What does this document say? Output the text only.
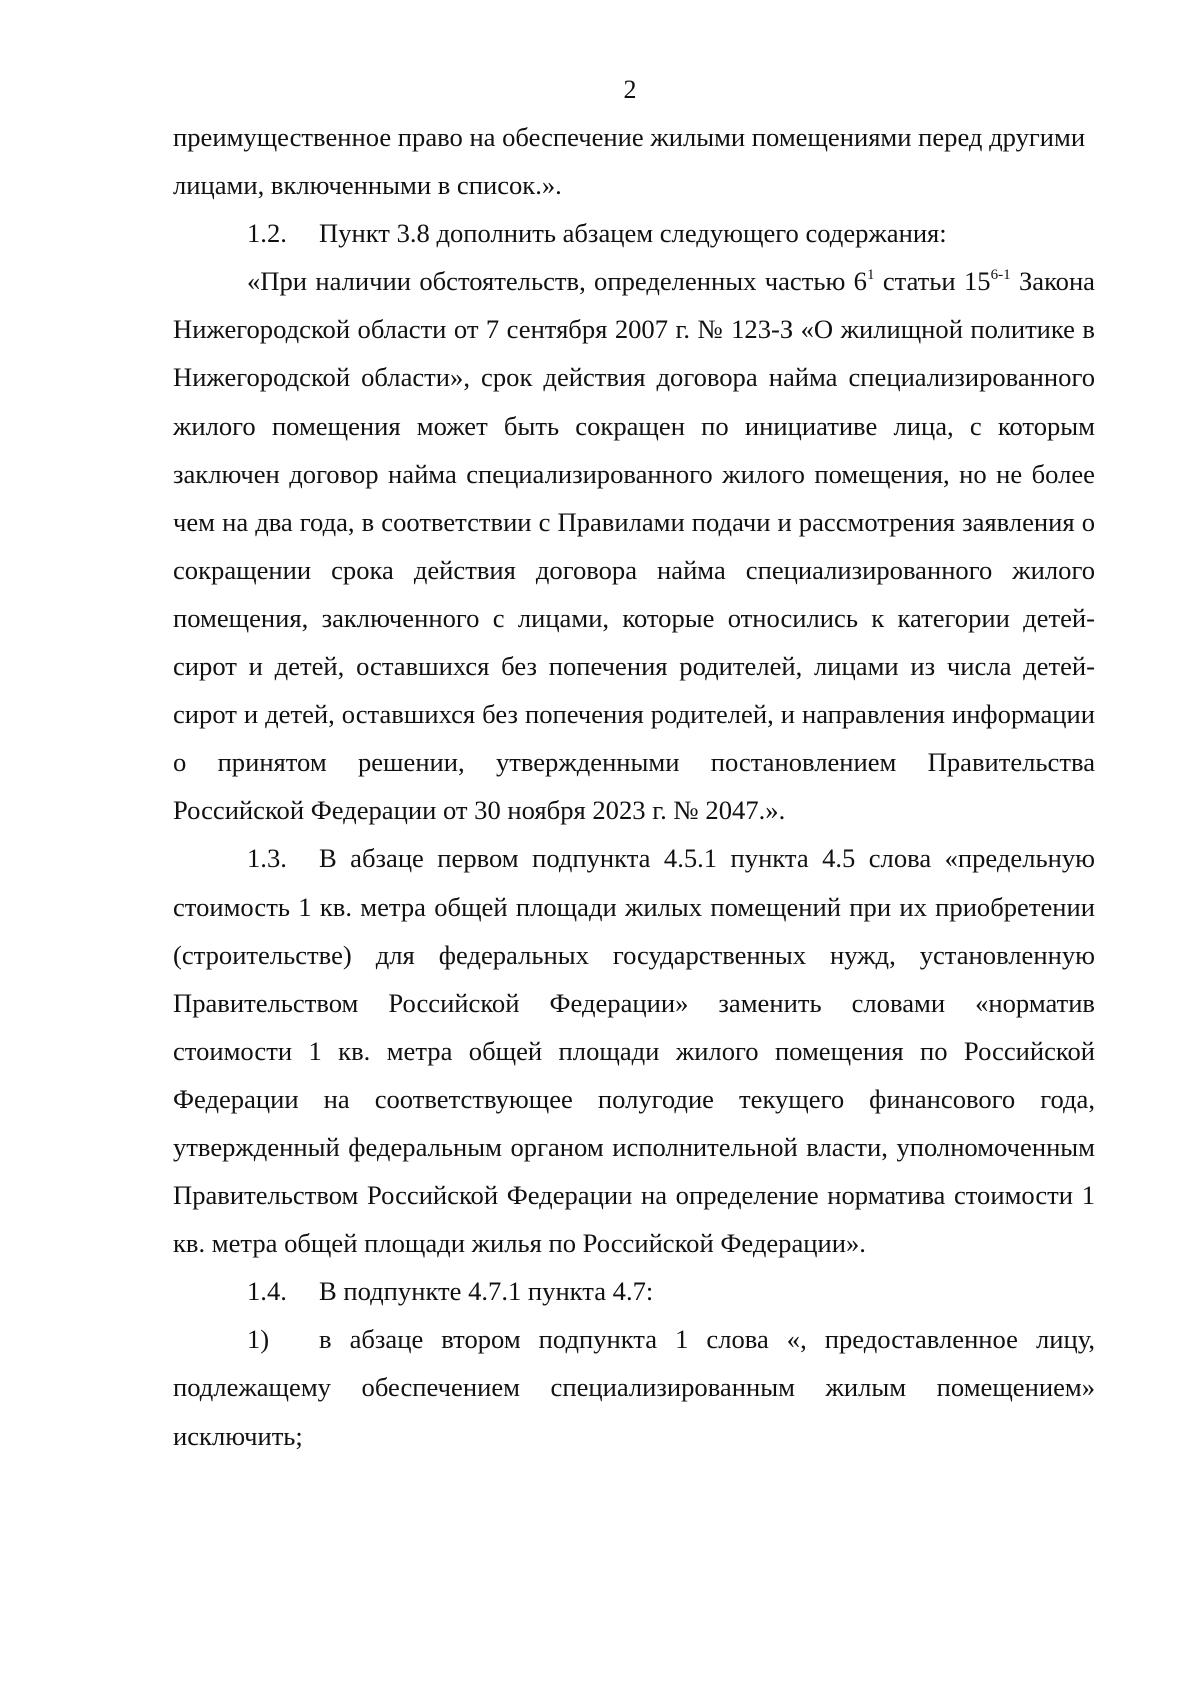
2

преимущественное право на обеспечение жилыми помещениями перед другими лицами, включенными в список.».

1.2. Пункт 3.8 дополнить абзацем следующего содержания:

«При наличии обстоятельств, определенных частью $6^1$ статьи 15$^{6-1}$ Закона Нижегородской области от 7 сентября 2007 г. № 123-З «О жилищной политике в Нижегородской области», срок действия договора найма специализированного жилого помещения может быть сокращен по инициативе лица, с которым заключен договор найма специализированного жилого помещения, но не более чем на два года, в соответствии с Правилами подачи и рассмотрения заявления о сокращении срока действия договора найма специализированного жилого помещения, заключенного с лицами, которые относились к категории детей-сирот и детей, оставшихся без попечения родителей, лицами из числа детей-сирот и детей, оставшихся без попечения родителей, и направления информации о принятом решении, утвержденными постановлением Правительства Российской Федерации от 30 ноября 2023 г. № 2047.».

1.3. В абзаце первом подпункта 4.5.1 пункта 4.5 слова «предельную стоимость 1 кв. метра общей площади жилых помещений при их приобретении (строительстве) для федеральных государственных нужд, установленную Правительством Российской Федерации» заменить словами «норматив стоимости 1 кв. метра общей площади жилого помещения по Российской Федерации на соответствующее полугодие текущего финансового года, утвержденный федеральным органом исполнительной власти, уполномоченным Правительством Российской Федерации на определение норматива стоимости 1 кв. метра общей площади жилья по Российской Федерации».

1.4. В подпункте 4.7.1 пункта 4.7:

1) в абзаце втором подпункта 1 слова «, предоставленное лицу, подлежащему обеспечением специализированным жилым помещением» исключить;
